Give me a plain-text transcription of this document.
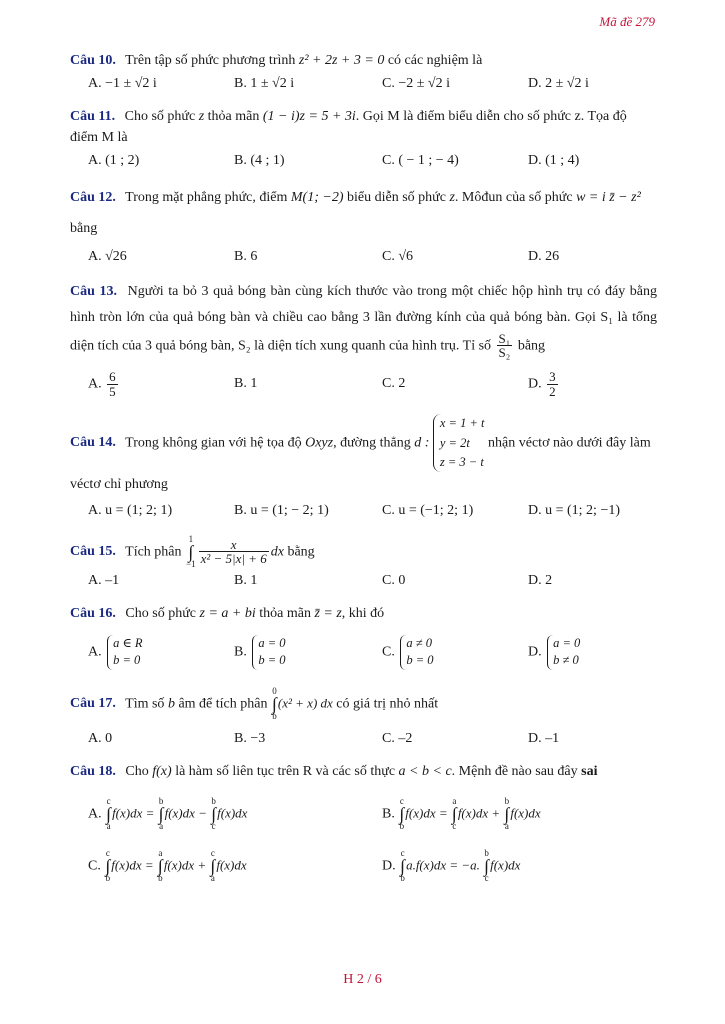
Mã đề 279
Câu 10. Trên tập số phức phương trình z² + 2z + 3 = 0 có các nghiệm là
A. −1 ± √2 i	B. 1 ± √2 i	C. −2 ± √2 i	D. 2 ± √2 i
Câu 11. Cho số phức z thỏa mãn (1 − i)z = 5 + 3i. Gọi M là điểm biểu diễn cho số phức z. Tọa độ điểm M là
A. (1 ; 2)	B. (4 ; 1)	C. ( − 1 ; − 4)	D. (1 ; 4)
Câu 12. Trong mặt phẳng phức, điểm M(1; −2) biểu diễn số phức z. Môđun của số phức w = i z̄ − z² bằng
A. √26	B. 6	C. √6	D. 26
Câu 13. Người ta bỏ 3 quả bóng bàn cùng kích thước vào trong một chiếc hộp hình trụ có đáy bằng hình tròn lớn của quả bóng bàn và chiều cao bằng 3 lần đường kính của quả bóng bàn. Gọi S₁ là tổng diện tích của 3 quả bóng bàn, S₂ là diện tích xung quanh của hình trụ. Tỉ số $\frac{\text{S₁}}{\text{S₂}}$ bằng
A. $\frac{6}{5}$	B. 1	C. 2	D. $\frac{3}{2}$
Câu 14. Trong không gian với hệ tọa độ Oxyz, đường thẳng d :
x = 1 + t
y = 2t
z = 3 − t
nhận véctơ nào dưới đây làm véctơ chỉ phương
A. u = (1; 2; 1)	B. u = (1; − 2; 1)	C. u = (−1; 2; 1)	D. u = (1; 2; −1)
Câu 15. Tích phân 1
∫
$-1 \frac{x}{\text{x² − 5|x| + 6}}$ dx bằng
A. –1	B. 1	C. 0	D. 2
Câu 16. Cho số phức z = a + bi thỏa mãn z̄ = z, khi đó
A.
a ∈ R
b = 0
B.
a = 0
b = 0
C.
a ≠ 0
b = 0
D.
a = 0
b ≠ 0
Câu 17. Tìm số b âm để tích phân 0
∫
b(x² + x) dx có giá trị nhỏ nhất
A. 0	B. −3	C. –2	D. –1
Câu 18. Cho f(x) là hàm số liên tục trên R và các số thực a < b < c. Mệnh đề nào sau đây sai
A. c
∫
af(x)dx = b
∫
af(x)dx − b
∫
cf(x)dx	B. c
∫
bf(x)dx = a
∫
cf(x)dx + b
∫
af(x)dx
C. c
∫
bf(x)dx = a
∫
bf(x)dx + c
∫
af(x)dx	D. c
∫
ba.f(x)dx = −a. b
∫
cf(x)dx
H 2 / 6
